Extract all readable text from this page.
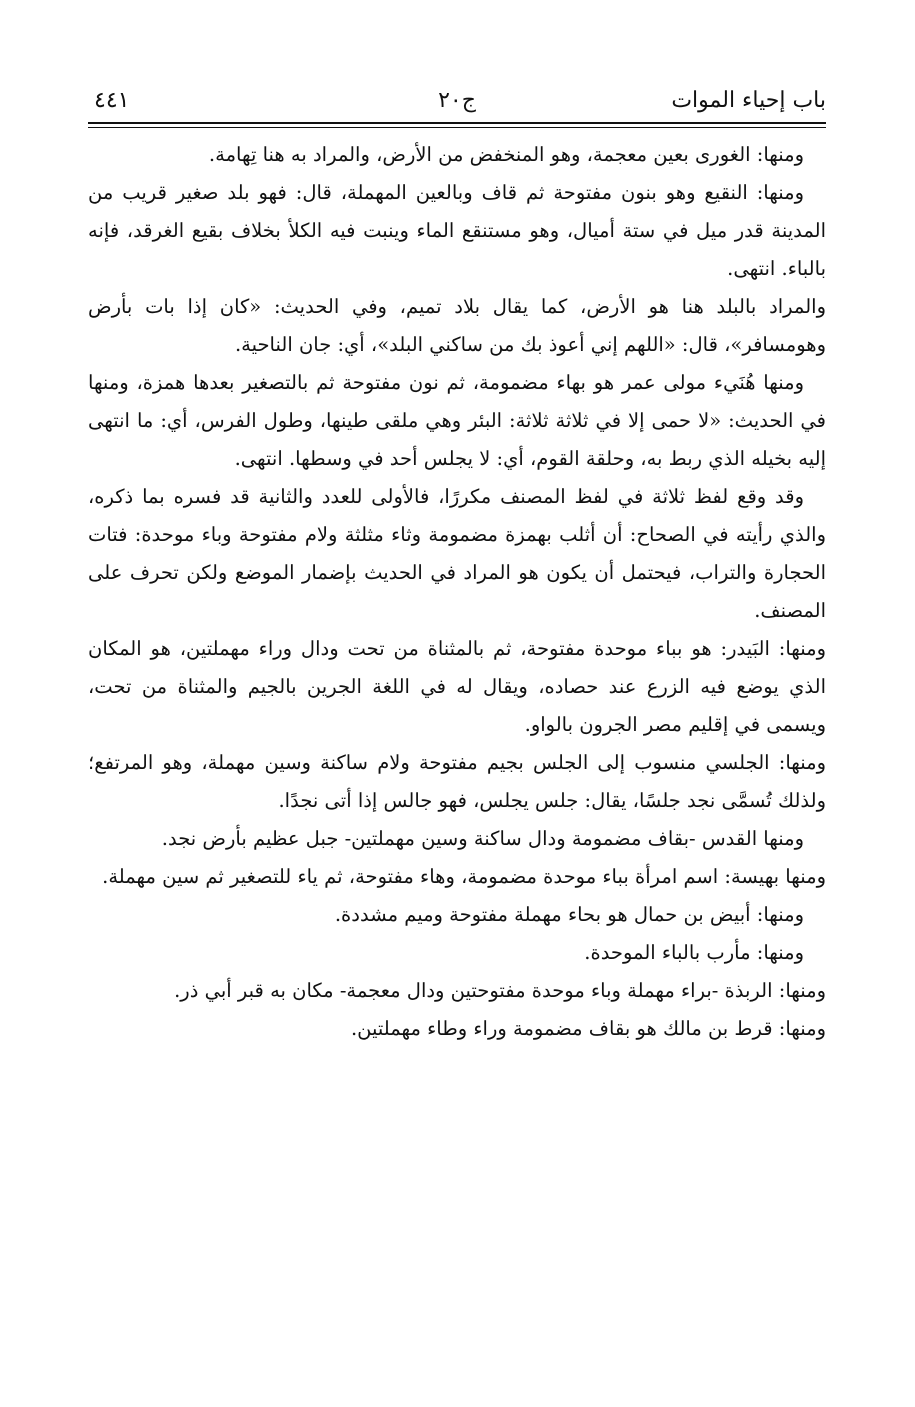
باب إحياء الموات
ج٢٠
٤٤١

ومنها: الغورى بعين معجمة، وهو المنخفض من الأرض، والمراد به هنا تِهامة.

ومنها: النقيع وهو بنون مفتوحة ثم قاف وبالعين المهملة، قال: فهو بلد صغير قريب من المدينة قدر ميل في ستة أميال، وهو مستنقع الماء وينبت فيه الكلأ بخلاف بقيع الغرقد، فإنه بالباء. انتهى.

والمراد بالبلد هنا هو الأرض، كما يقال بلاد تميم، وفي الحديث: «كان إذا بات بأرض وهومسافر»، قال: «اللهم إني أعوذ بك من ساكني البلد»، أي: جان الناحية.

ومنها هُنَيء مولى عمر هو بهاء مضمومة، ثم نون مفتوحة ثم بالتصغير بعدها همزة، ومنها في الحديث: «لا حمى إلا في ثلاثة ثلاثة: البئر وهي ملقى طينها، وطول الفرس، أي: ما انتهى إليه بخيله الذي ربط به، وحلقة القوم، أي: لا يجلس أحد في وسطها. انتهى.

وقد وقع لفظ ثلاثة في لفظ المصنف مكررًا، فالأولى للعدد والثانية قد فسره بما ذكره، والذي رأيته في الصحاح: أن أثلب بهمزة مضمومة وثاء مثلثة ولام مفتوحة وباء موحدة: فتات الحجارة والتراب، فيحتمل أن يكون هو المراد في الحديث بإضمار الموضع ولكن تحرف على المصنف.

ومنها: البَيدر: هو بباء موحدة مفتوحة، ثم بالمثناة من تحت ودال وراء مهملتين، هو المكان الذي يوضع فيه الزرع عند حصاده، ويقال له في اللغة الجرين بالجيم والمثناة من تحت، ويسمى في إقليم مصر الجرون بالواو.

ومنها: الجلسي منسوب إلى الجلس بجيم مفتوحة ولام ساكنة وسين مهملة، وهو المرتفع؛ ولذلك تُسمَّى نجد جلسًا، يقال: جلس يجلس، فهو جالس إذا أتى نجدًا.

ومنها القدس -بقاف مضمومة ودال ساكنة وسين مهملتين- جبل عظيم بأرض نجد.

ومنها بهيسة: اسم امرأة بباء موحدة مضمومة، وهاء مفتوحة، ثم ياء للتصغير ثم سين مهملة.

ومنها: أبيض بن حمال هو بحاء مهملة مفتوحة وميم مشددة.

ومنها: مأرب بالباء الموحدة.

ومنها: الربذة -براء مهملة وباء موحدة مفتوحتين ودال معجمة- مكان به قبر أبي ذر.

ومنها: قرط بن مالك هو بقاف مضمومة وراء وطاء مهملتين.
